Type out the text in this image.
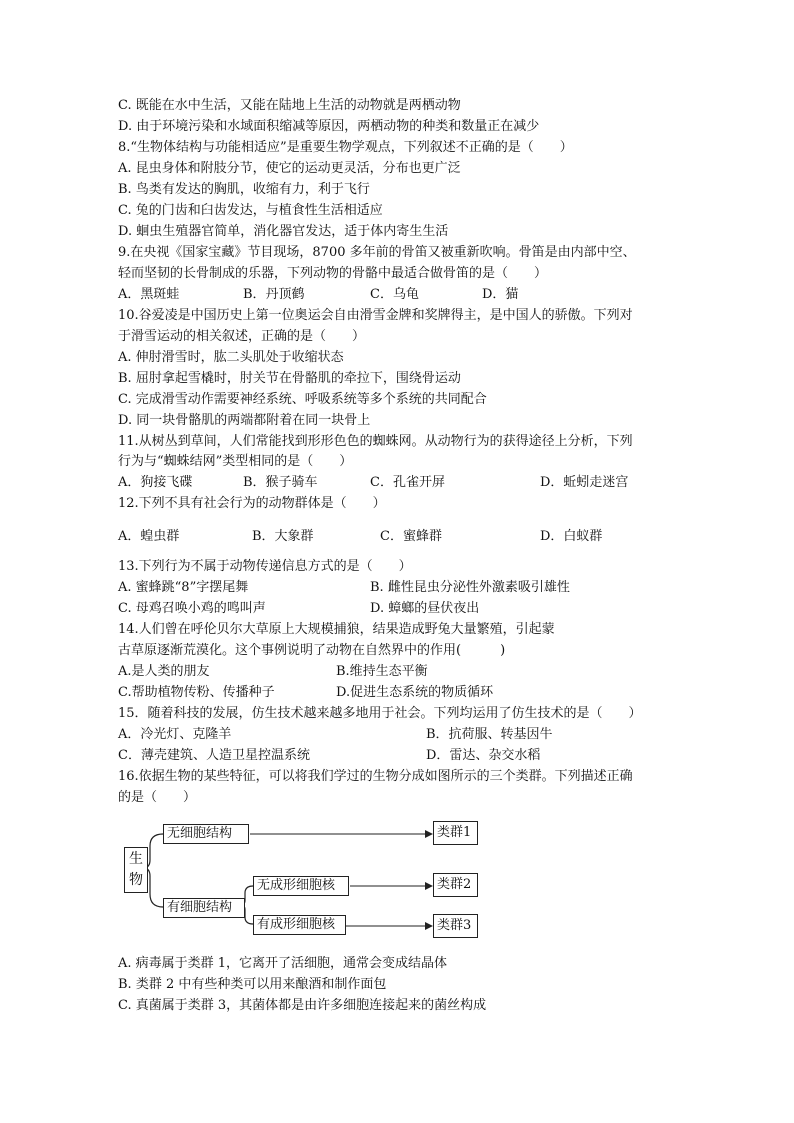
C. 既能在水中生活，又能在陆地上生活的动物就是两栖动物
D. 由于环境污染和水域面积缩减等原因，两栖动物的种类和数量正在减少
8.“生物体结构与功能相适应”是重要生物学观点，下列叙述不正确的是（　　）
A. 昆虫身体和附肢分节，使它的运动更灵活，分布也更广泛
B. 鸟类有发达的胸肌，收缩有力，利于飞行
C. 兔的门齿和臼齿发达，与植食性生活相适应
D. 蛔虫生殖器官简单，消化器官发达，适于体内寄生生活
9.在央视《国家宝藏》节目现场，8700 多年前的骨笛又被重新吹响。骨笛是由内部中空、
轻而坚韧的长骨制成的乐器，下列动物的骨骼中最适合做骨笛的是（　　）
A．黑斑蛙	B．丹顶鹤	C．乌龟	D．猫
10.谷爱凌是中国历史上第一位奥运会自由滑雪金牌和奖牌得主，是中国人的骄傲。下列对
于滑雪运动的相关叙述，正确的是（　　）
A. 伸肘滑雪时，肱二头肌处于收缩状态
B. 屈肘拿起雪橇时，肘关节在骨骼肌的牵拉下，围绕骨运动
C. 完成滑雪动作需要神经系统、呼吸系统等多个系统的共同配合
D. 同一块骨骼肌的两端都附着在同一块骨上
11.从树丛到草间，人们常能找到形形色色的蜘蛛网。从动物行为的获得途径上分析，下列
行为与“蜘蛛结网”类型相同的是（　　）
A．狗接飞碟	B．猴子骑车	C．孔雀开屏	D．蚯蚓走迷宫
12.下列不具有社会行为的动物群体是（　　）
A．蝗虫群	B．大象群	C．蜜蜂群	D．白蚁群
13.下列行为不属于动物传递信息方式的是（　　）
A. 蜜蜂跳“8”字摆尾舞	B. 雌性昆虫分泌性外激素吸引雄性
C. 母鸡召唤小鸡的鸣叫声	D. 蟑螂的昼伏夜出
14.人们曾在呼伦贝尔大草原上大规模捕狼，结果造成野兔大量繁殖，引起蒙
古草原逐渐荒漠化。这个事例说明了动物在自然界中的作用(　　　)
A.是人类的朋友	B.维持生态平衡
C.帮助植物传粉、传播种子	D.促进生态系统的物质循环
15．随着科技的发展，仿生技术越来越多地用于社会。下列均运用了仿生技术的是（　　）
A．冷光灯、克隆羊	B．抗荷服、转基因牛
C．薄壳建筑、人造卫星控温系统	D．雷达、杂交水稻
16.依据生物的某些特征，可以将我们学过的生物分成如图所示的三个类群。下列描述正确
的是（　　）
生物
无细胞结构
有细胞结构
无成形细胞核
有成形细胞核
类群1
类群2
类群3
A. 病毒属于类群 1，它离开了活细胞，通常会变成结晶体
B. 类群 2 中有些种类可以用来酿酒和制作面包
C. 真菌属于类群 3，其菌体都是由许多细胞连接起来的菌丝构成
